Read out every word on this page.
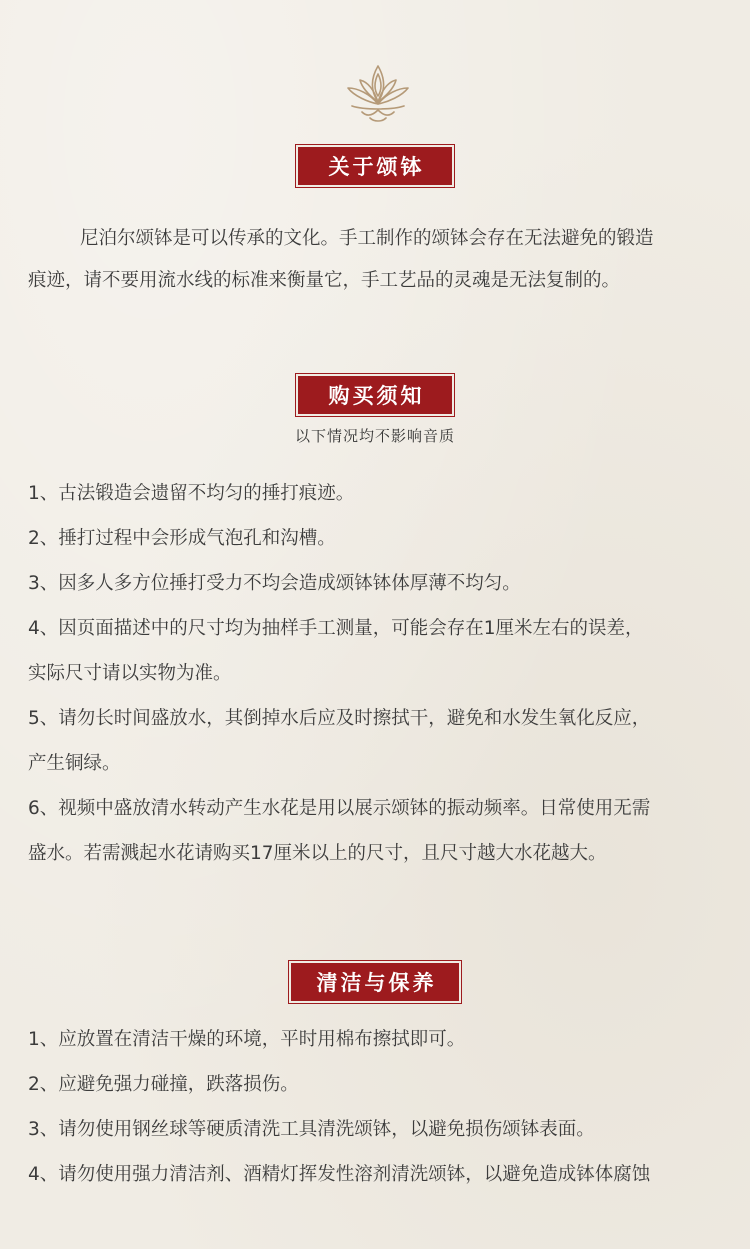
关于颂钵
尼泊尔颂钵是可以传承的文化。手工制作的颂钵会存在无法避免的锻造
痕迹，请不要用流水线的标准来衡量它，手工艺品的灵魂是无法复制的。
购买须知
以下情况均不影响音质
1、古法锻造会遗留不均匀的捶打痕迹。
2、捶打过程中会形成气泡孔和沟槽。
3、因多人多方位捶打受力不均会造成颂钵钵体厚薄不均匀。
4、因页面描述中的尺寸均为抽样手工测量，可能会存在1厘米左右的误差，
实际尺寸请以实物为准。
5、请勿长时间盛放水，其倒掉水后应及时擦拭干，避免和水发生氧化反应，
产生铜绿。
6、视频中盛放清水转动产生水花是用以展示颂钵的振动频率。日常使用无需
盛水。若需溅起水花请购买17厘米以上的尺寸，且尺寸越大水花越大。
清洁与保养
1、应放置在清洁干燥的环境，平时用棉布擦拭即可。
2、应避免强力碰撞，跌落损伤。
3、请勿使用钢丝球等硬质清洗工具清洗颂钵，以避免损伤颂钵表面。
4、请勿使用强力清洁剂、酒精灯挥发性溶剂清洗颂钵，以避免造成钵体腐蚀
